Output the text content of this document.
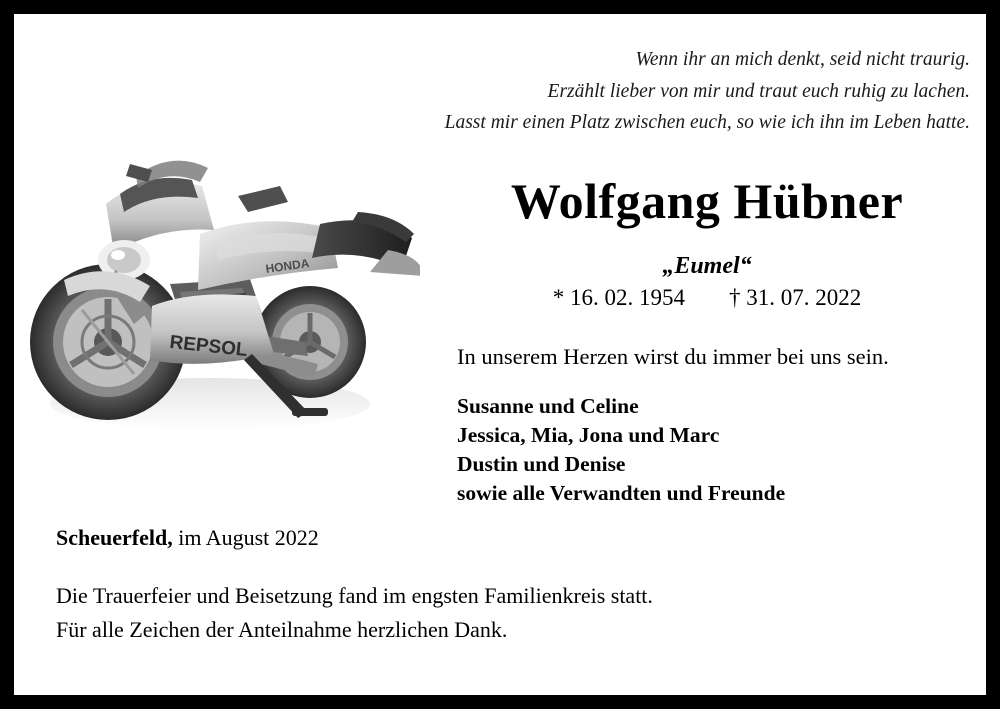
REPSOL
HONDA
Wenn ihr an mich denkt, seid nicht traurig.
Erzählt lieber von mir und traut euch ruhig zu lachen.
Lasst mir einen Platz zwischen euch, so wie ich ihn im Leben hatte.
Wolfgang Hübner
„Eumel“
* 16. 02. 1954 † 31. 07. 2022
In unserem Herzen wirst du immer bei uns sein.
Susanne und Celine
Jessica, Mia, Jona und Marc
Dustin und Denise
sowie alle Verwandten und Freunde
Scheuerfeld, im August 2022
Die Trauerfeier und Beisetzung fand im engsten Familienkreis statt.
Für alle Zeichen der Anteilnahme herzlichen Dank.
